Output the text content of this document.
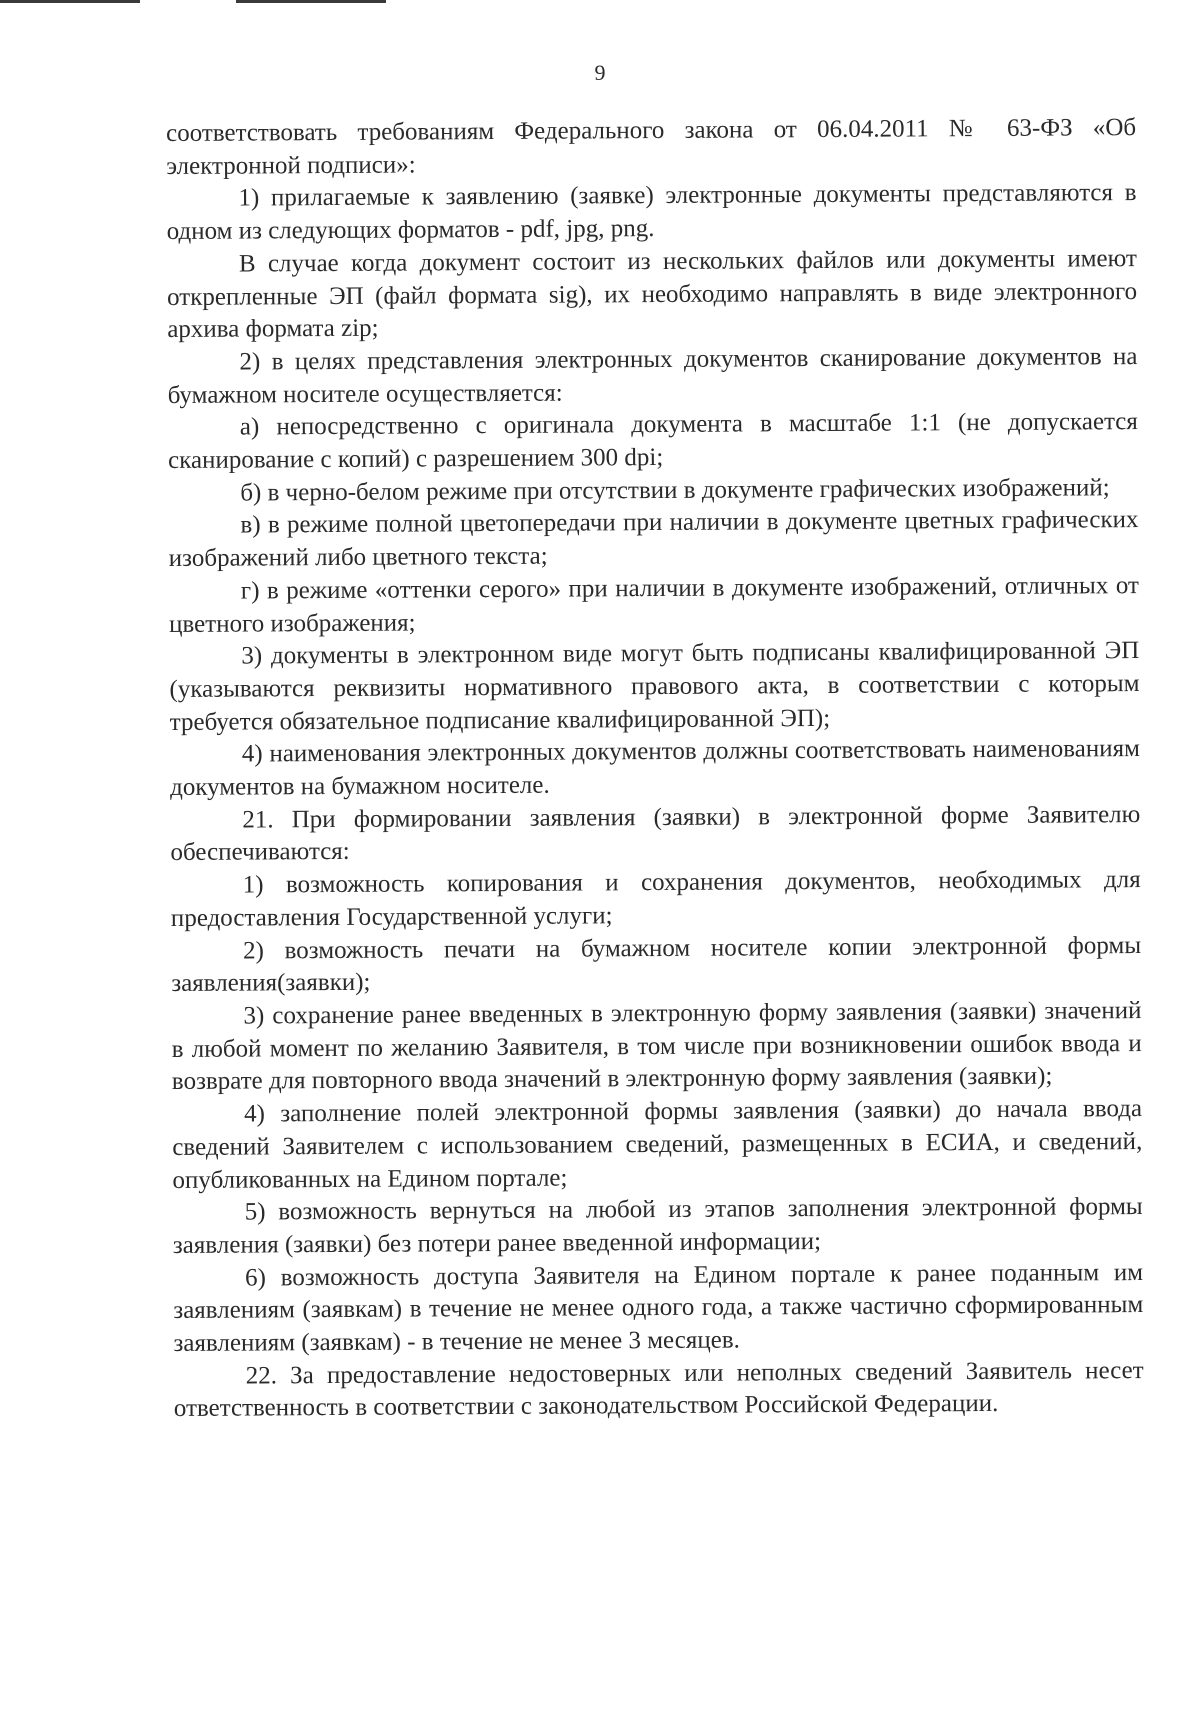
9

соответствовать требованиям Федерального закона от 06.04.2011 № 63-ФЗ «Об электронной подписи»:

1) прилагаемые к заявлению (заявке) электронные документы представляются в одном из следующих форматов - pdf, jpg, png.

В случае когда документ состоит из нескольких файлов или документы имеют открепленные ЭП (файл формата sig), их необходимо направлять в виде электронного архива формата zip;

2) в целях представления электронных документов сканирование документов на бумажном носителе осуществляется:

а) непосредственно с оригинала документа в масштабе 1:1 (не допускается сканирование с копий) с разрешением 300 dpi;

б) в черно-белом режиме при отсутствии в документе графических изображений;

в) в режиме полной цветопередачи при наличии в документе цветных графических изображений либо цветного текста;

г) в режиме «оттенки серого» при наличии в документе изображений, отличных от цветного изображения;

3) документы в электронном виде могут быть подписаны квалифицированной ЭП (указываются реквизиты нормативного правового акта, в соответствии с которым требуется обязательное подписание квалифицированной ЭП);

4) наименования электронных документов должны соответствовать наименованиям документов на бумажном носителе.

21. При формировании заявления (заявки) в электронной форме Заявителю обеспечиваются:

1) возможность копирования и сохранения документов, необходимых для предоставления Государственной услуги;

2) возможность печати на бумажном носителе копии электронной формы заявления(заявки);

3) сохранение ранее введенных в электронную форму заявления (заявки) значений в любой момент по желанию Заявителя, в том числе при возникновении ошибок ввода и возврате для повторного ввода значений в электронную форму заявления (заявки);

4) заполнение полей электронной формы заявления (заявки) до начала ввода сведений Заявителем с использованием сведений, размещенных в ЕСИА, и сведений, опубликованных на Едином портале;

5) возможность вернуться на любой из этапов заполнения электронной формы заявления (заявки) без потери ранее введенной информации;

6) возможность доступа Заявителя на Едином портале к ранее поданным им заявлениям (заявкам) в течение не менее одного года, а также частично сформированным заявлениям (заявкам) - в течение не менее 3 месяцев.

22. За предоставление недостоверных или неполных сведений Заявитель несет ответственность в соответствии с законодательством Российской Федерации.
